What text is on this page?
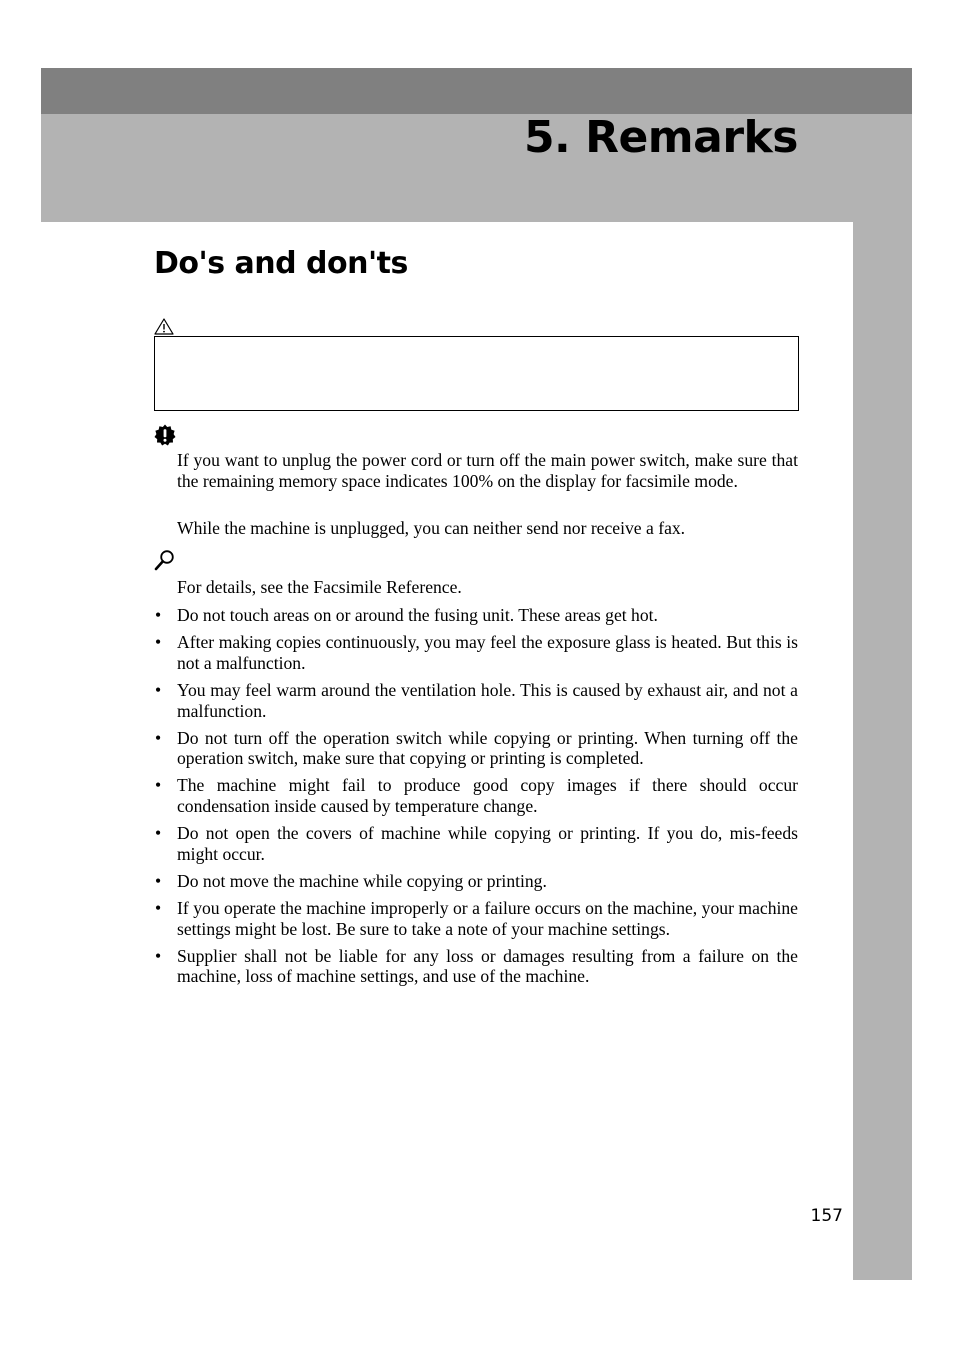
5. Remarks
Do's and don'ts

If you want to unplug the power cord or turn off the main power switch, make sure that the remaining memory space indicates 100% on the display for facsimile mode.

While the machine is unplugged, you can neither send nor receive a fax.

For details, see the Facsimile Reference.

• Do not touch areas on or around the fusing unit. These areas get hot.
• After making copies continuously, you may feel the exposure glass is heated. But this is not a malfunction.
• You may feel warm around the ventilation hole. This is caused by exhaust air, and not a malfunction.
• Do not turn off the operation switch while copying or printing. When turning off the operation switch, make sure that copying or printing is completed.
• The machine might fail to produce good copy images if there should occur condensation inside caused by temperature change.
• Do not open the covers of machine while copying or printing. If you do, mis-feeds might occur.
• Do not move the machine while copying or printing.
• If you operate the machine improperly or a failure occurs on the machine, your machine settings might be lost. Be sure to take a note of your machine settings.
• Supplier shall not be liable for any loss or damages resulting from a failure on the machine, loss of machine settings, and use of the machine.

157
